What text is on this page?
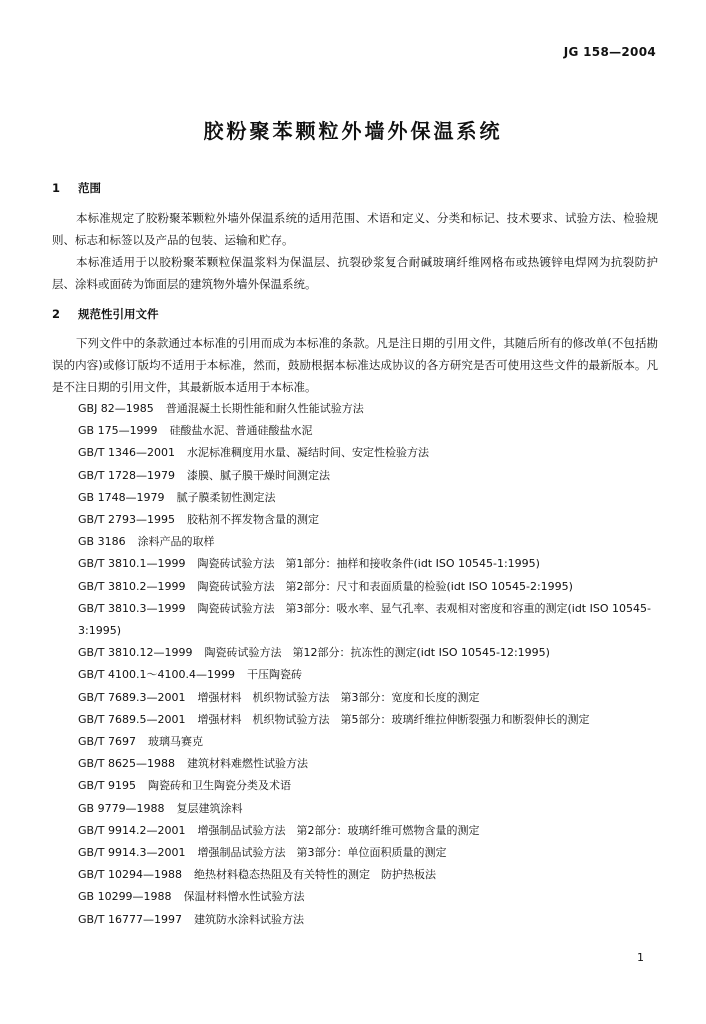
JG 158—2004
胶粉聚苯颗粒外墙外保温系统
1 范围
本标准规定了胶粉聚苯颗粒外墙外保温系统的适用范围、术语和定义、分类和标记、技术要求、试验方法、检验规则、标志和标签以及产品的包装、运输和贮存。
本标准适用于以胶粉聚苯颗粒保温浆料为保温层、抗裂砂浆复合耐碱玻璃纤维网格布或热镀锌电焊网为抗裂防护层、涂料或面砖为饰面层的建筑物外墙外保温系统。
2 规范性引用文件
下列文件中的条款通过本标准的引用而成为本标准的条款。凡是注日期的引用文件，其随后所有的修改单(不包括勘误的内容)或修订版均不适用于本标准，然而，鼓励根据本标准达成协议的各方研究是否可使用这些文件的最新版本。凡是不注日期的引用文件，其最新版本适用于本标准。
GBJ 82—1985 普通混凝土长期性能和耐久性能试验方法
GB 175—1999 硅酸盐水泥、普通硅酸盐水泥
GB/T 1346—2001 水泥标准稠度用水量、凝结时间、安定性检验方法
GB/T 1728—1979 漆膜、腻子膜干燥时间测定法
GB 1748—1979 腻子膜柔韧性测定法
GB/T 2793—1995 胶粘剂不挥发物含量的测定
GB 3186 涂料产品的取样
GB/T 3810.1—1999 陶瓷砖试验方法　第1部分：抽样和接收条件(idt ISO 10545-1:1995)
GB/T 3810.2—1999 陶瓷砖试验方法　第2部分：尺寸和表面质量的检验(idt ISO 10545-2:1995)
GB/T 3810.3—1999 陶瓷砖试验方法　第3部分：吸水率、显气孔率、表观相对密度和容重的测定(idt ISO 10545-3:1995)
GB/T 3810.12—1999 陶瓷砖试验方法　第12部分：抗冻性的测定(idt ISO 10545-12:1995)
GB/T 4100.1～4100.4—1999 干压陶瓷砖
GB/T 7689.3—2001 增强材料　机织物试验方法　第3部分：宽度和长度的测定
GB/T 7689.5—2001 增强材料　机织物试验方法　第5部分：玻璃纤维拉伸断裂强力和断裂伸长的测定
GB/T 7697 玻璃马赛克
GB/T 8625—1988 建筑材料难燃性试验方法
GB/T 9195 陶瓷砖和卫生陶瓷分类及术语
GB 9779—1988 复层建筑涂料
GB/T 9914.2—2001 增强制品试验方法　第2部分：玻璃纤维可燃物含量的测定
GB/T 9914.3—2001 增强制品试验方法　第3部分：单位面积质量的测定
GB/T 10294—1988 绝热材料稳态热阻及有关特性的测定　防护热板法
GB 10299—1988 保温材料憎水性试验方法
GB/T 16777—1997 建筑防水涂料试验方法
1
